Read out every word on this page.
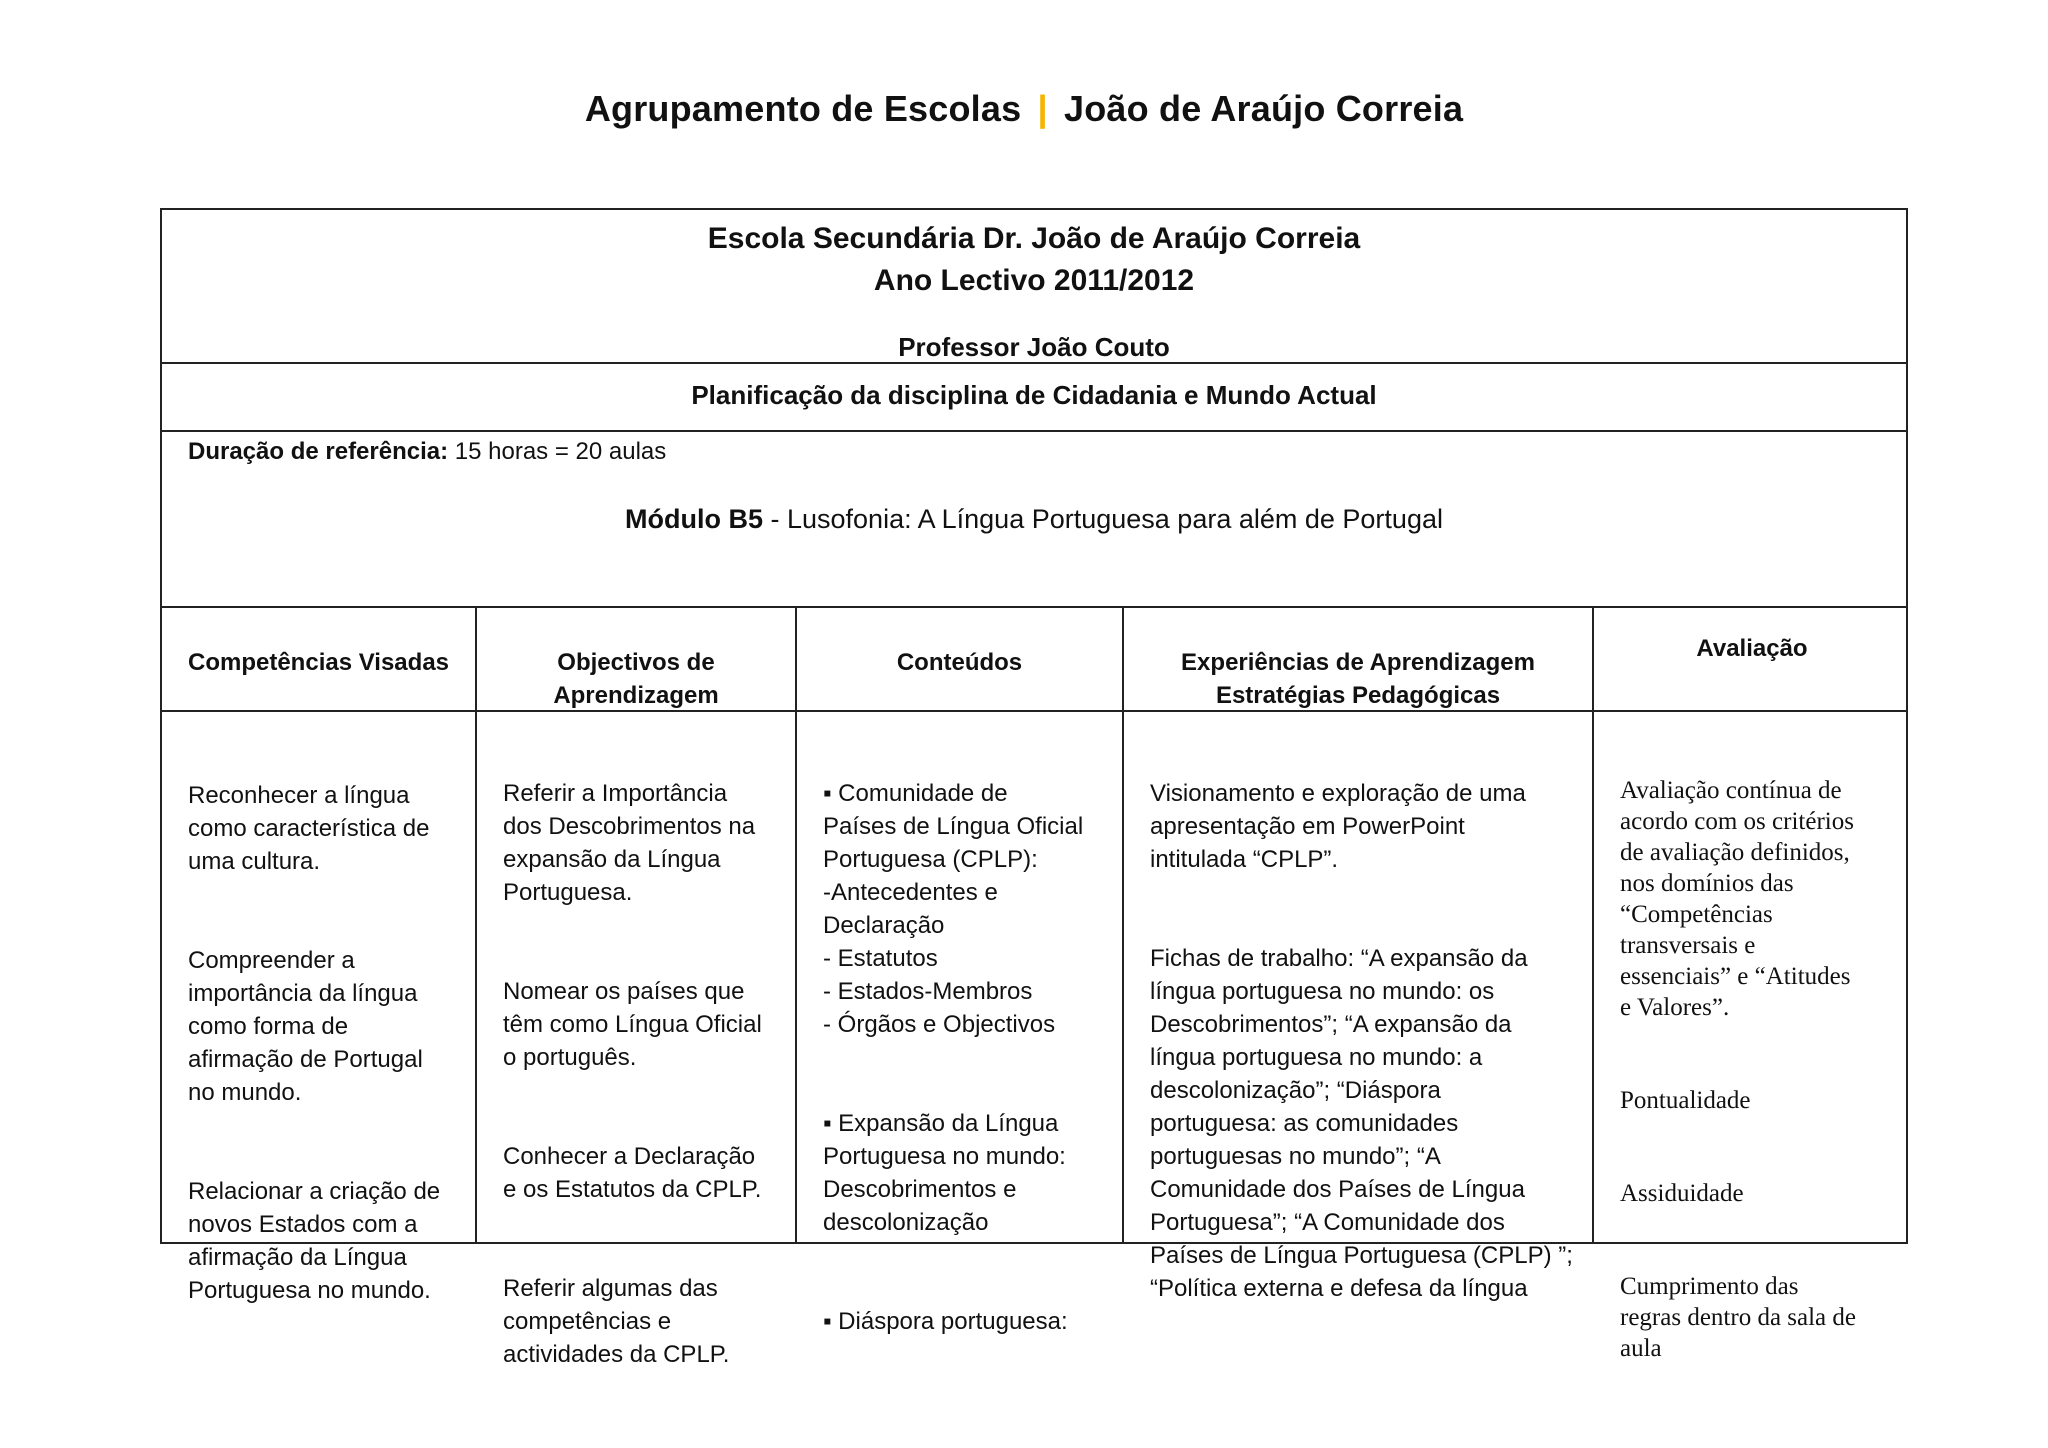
Agrupamento de Escolas | João de Araújo Correia
Escola Secundária Dr. João de Araújo Correia
Ano Lectivo 2011/2012
Professor João Couto
Planificação da disciplina de Cidadania e Mundo Actual
Duração de referência: 15 horas = 20 aulas
Módulo B5 - Lusofonia: A Língua Portuguesa para além de Portugal
Competências Visadas	Objectivos de
Aprendizagem
Conteúdos	Experiências de Aprendizagem
Estratégias Pedagógicas
Avaliação

Reconhecer a língua
como característica de
uma cultura.

Compreender a
importância da língua
como forma de
afirmação de Portugal
no mundo.

Relacionar a criação de
novos Estados com a
afirmação da Língua
Portuguesa no mundo.

Referir a Importância
dos Descobrimentos na
expansão da Língua
Portuguesa.

Nomear os países que
têm como Língua Oficial
o português.

Conhecer a Declaração
e os Estatutos da CPLP.

Referir algumas das
competências e
actividades da CPLP.

▪ Comunidade de
Países de Língua Oficial
Portuguesa (CPLP):
-Antecedentes e
Declaração
- Estatutos
- Estados-Membros
- Órgãos e Objectivos

▪ Expansão da Língua
Portuguesa no mundo:
Descobrimentos e
descolonização

▪ Diáspora portuguesa:

Visionamento e exploração de uma
apresentação em PowerPoint
intitulada “CPLP”.

Fichas de trabalho: “A expansão da
língua portuguesa no mundo: os
Descobrimentos”; “A expansão da
língua portuguesa no mundo: a
descolonização”; “Diáspora
portuguesa: as comunidades
portuguesas no mundo”; “A
Comunidade dos Países de Língua
Portuguesa”; “A Comunidade dos
Países de Língua Portuguesa (CPLP) ”;
“Política externa e defesa da língua

Avaliação contínua de
acordo com os critérios
de avaliação definidos,
nos domínios das
“Competências
transversais e
essenciais” e “Atitudes
e Valores”.

Pontualidade

Assiduidade

Cumprimento das
regras dentro da sala de
aula
